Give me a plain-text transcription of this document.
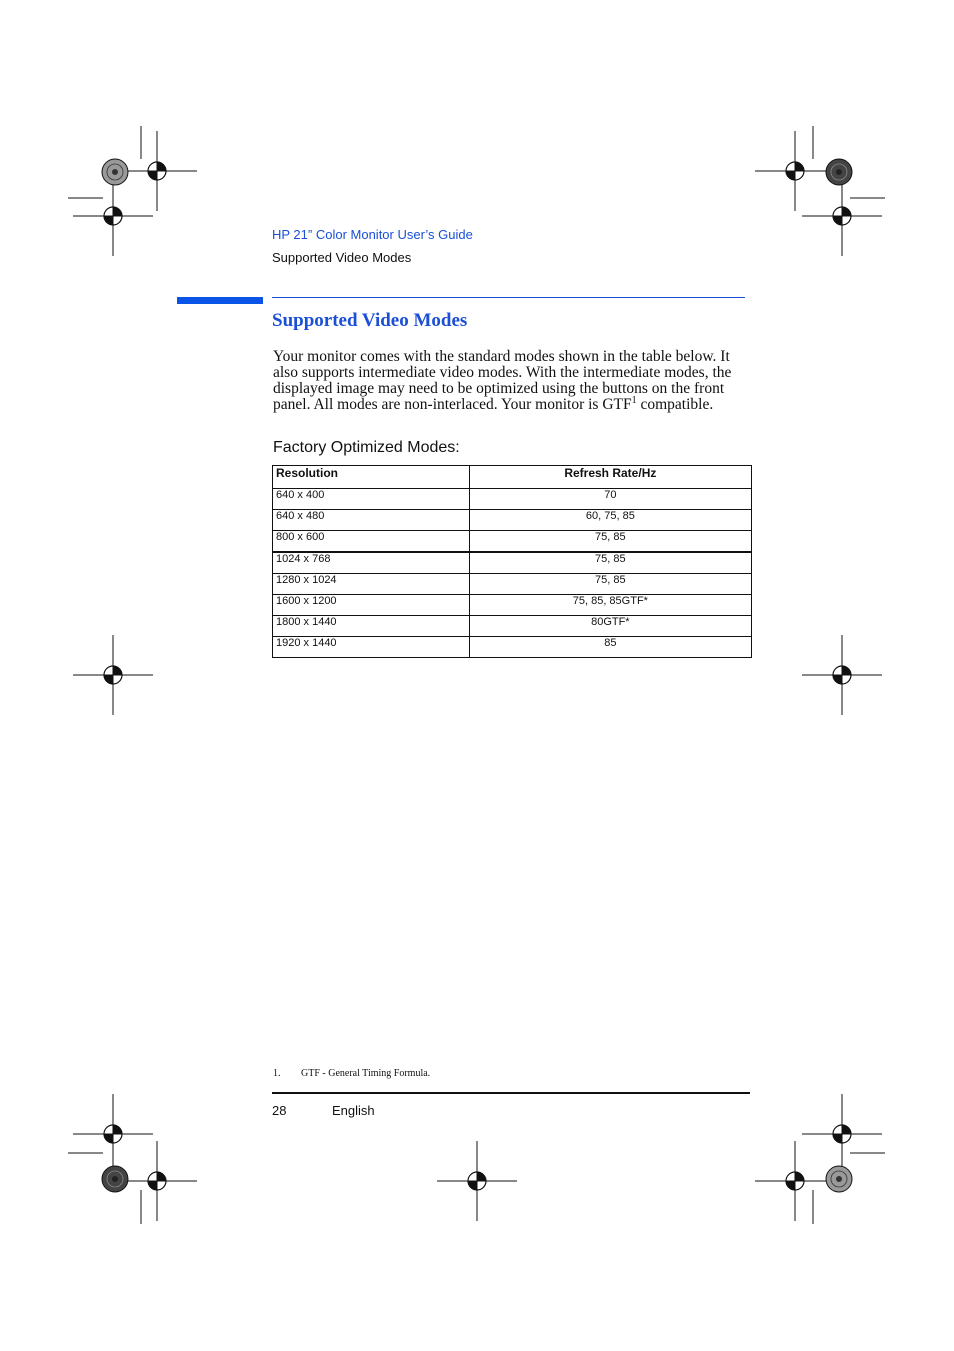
HP 21” Color Monitor User’s Guide
Supported Video Modes
Supported Video Modes
Your monitor comes with the standard modes shown in the table below. It also supports intermediate video modes. With the intermediate modes, the displayed image may need to be optimized using the buttons on the front panel. All modes are non-interlaced. Your monitor is GTF$^1$ compatible.
Factory Optimized Modes:
Resolution	Refresh Rate/Hz
640 x 400	70
640 x 480	60, 75, 85
800 x 600	75, 85
1024 x 768	75, 85
1280 x 1024	75, 85
1600 x 1200	75, 85, 85GTF*
1800 x 1440	80GTF*
1920 x 1440	85
1. GTF - General Timing Formula.
28	English
